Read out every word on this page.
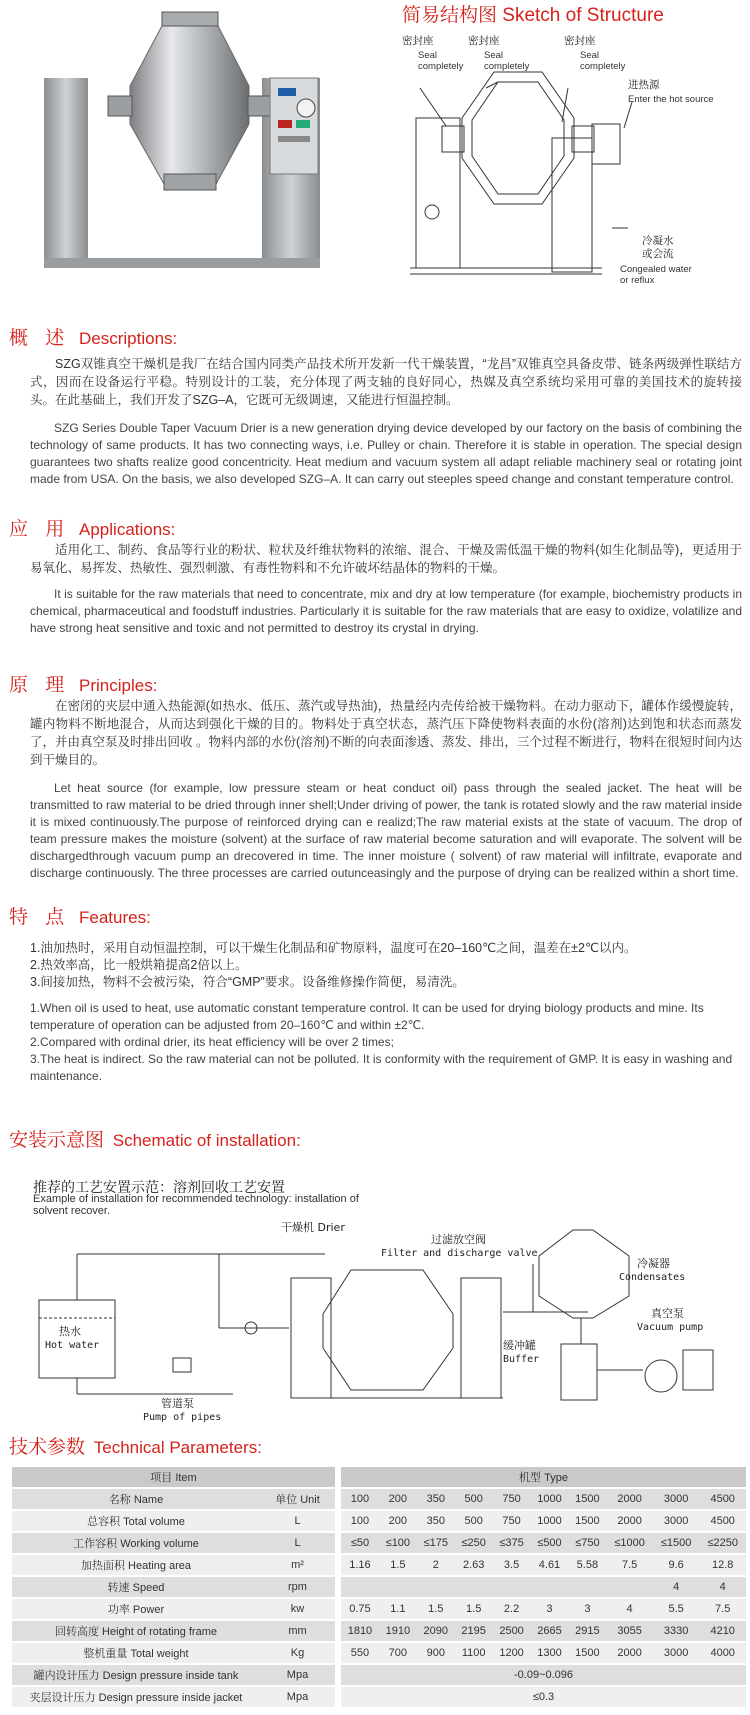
简易结构图 Sketch of Structure
密封座
Seal
completely
密封座
Seal
completely
密封座
Seal
completely
进热源
Enter the hot source
冷凝水
或会流
Congealed water
or reflux
概 述 Descriptions:

SZG双锥真空干燥机是我厂在结合国内同类产品技术所开发新一代干燥装置，“龙昌”双锥真空具备皮带、链条两级弹性联结方式，因而在设备运行平稳。特别设计的工装，充分体现了两支轴的良好同心，热媒及真空系统均采用可靠的美国技术的旋转接头。在此基础上，我们开发了SZG–A，它既可无级调速，又能进行恒温控制。

SZG Series Double Taper Vacuum Drier is a new generation drying device developed by our factory on the basis of combining the technology of same products. It has two connecting ways, i.e. Pulley or chain. Therefore it is stable in operation. The special design guarantees two shafts realize good concentricity. Heat medium and vacuum system all adapt reliable machinery seal or rotating joint made from USA. On the basis, we also developed SZG–A. It can carry out steeples speed change and constant temperature control.

应 用 Applications:

适用化工、制药、食品等行业的粉状、粒状及纤维状物料的浓缩、混合、干燥及需低温干燥的物料(如生化制品等)，更适用于易氧化、易挥发、热敏性、强烈刺激、有毒性物料和不允许破坏结晶体的物料的干燥。

It is suitable for the raw materials that need to concentrate, mix and dry at low temperature (for example, biochemistry products in chemical, pharmaceutical and foodstuff industries. Particularly it is suitable for the raw materials that are easy to oxidize, volatilize and have strong heat sensitive and toxic and not permitted to destroy its crystal in drying.

原 理 Principles:

在密闭的夹层中通入热能源(如热水、低压、蒸汽或导热油)，热量经内壳传给被干燥物料。在动力驱动下，罐体作缓慢旋转，罐内物料不断地混合，从而达到强化干燥的目的。物料处于真空状态，蒸汽压下降使物料表面的水份(溶剂)达到饱和状态而蒸发了，并由真空泵及时排出回收 。物料内部的水份(溶剂)不断的向表面渗透、蒸发、排出，三个过程不断进行，物料在很短时间内达到干燥目的。

Let heat source (for example, low pressure steam or heat conduct oil) pass through the sealed jacket. The heat will be transmitted to raw material to be dried through inner shell;Under driving of power, the tank is rotated slowly and the raw material inside it is mixed continuously.The purpose of reinforced drying can e realizd;The raw material exists at the state of vacuum. The drop of team pressure makes the moisture (solvent) at the surface of raw material become saturation and will evaporate. The solvent will be dischargedthrough vacuum pump an drecovered in time. The inner moisture ( solvent) of raw material will infiltrate, evaporate and discharge continuously. The three processes are carried outunceasingly and the purpose of drying can be realized within a short time.

特 点 Features:
1.油加热时，采用自动恒温控制，可以干燥生化制品和矿物原料，温度可在20–160℃之间，温差在±2℃以内。
2.热效率高，比一般烘箱提高2倍以上。
3.间接加热，物料不会被污染，符合“GMP”要求。设备维修操作简便，易清洗。
1.When oil is used to heat, use automatic constant temperature control. It can be used for drying biology products and mine. Its temperature of operation can be adjusted from 20–160℃ and within ±2℃.
2.Compared with ordinal drier, its heat efficiency will be over 2 times;
3.The heat is indirect. So the raw material can not be polluted. It is conformity with the requirement of GMP. It is easy in washing and maintenance.
安装示意图 Schematic of installation:
推荐的工艺安置示范：溶剂回收工艺安置
Example of installation for recommended technology: installation of solvent recover.
干燥机 Drier
过滤放空阀
Filter and discharge valve
冷凝器
Condensates
真空泵
Vacuum pump
缓冲罐
Buffer
热水
Hot water
管道泵
Pump of pipes
技术参数 Technical Parameters:
项目 Item			机型 Type									
名称 Name	单位 Unit		100	200	350	500	750	1000	1500	2000	3000	4500
总容积 Total volume	L		100	200	350	500	750	1000	1500	2000	3000	4500
工作容积 Working volume	L		≤50	≤100	≤175	≤250	≤375	≤500	≤750	≤1000	≤1500	≤2250
加热面积 Heating area	m²		1.16	1.5	2	2.63	3.5	4.61	5.58	7.5	9.6	12.8
转速 Speed	rpm										4	4
功率 Power	kw		0.75	1.1	1.5	1.5	2.2	3	3	4	5.5	7.5
回转高度 Height of rotating frame	mm		1810	1910	2090	2195	2500	2665	2915	3055	3330	4210
整机重量 Total weight	Kg		550	700	900	1100	1200	1300	1500	2000	3000	4000
罐内设计压力 Design pressure inside tank	Mpa		-0.09~0.096									
夹层设计压力 Design pressure inside jacket	Mpa		≤0.3									
